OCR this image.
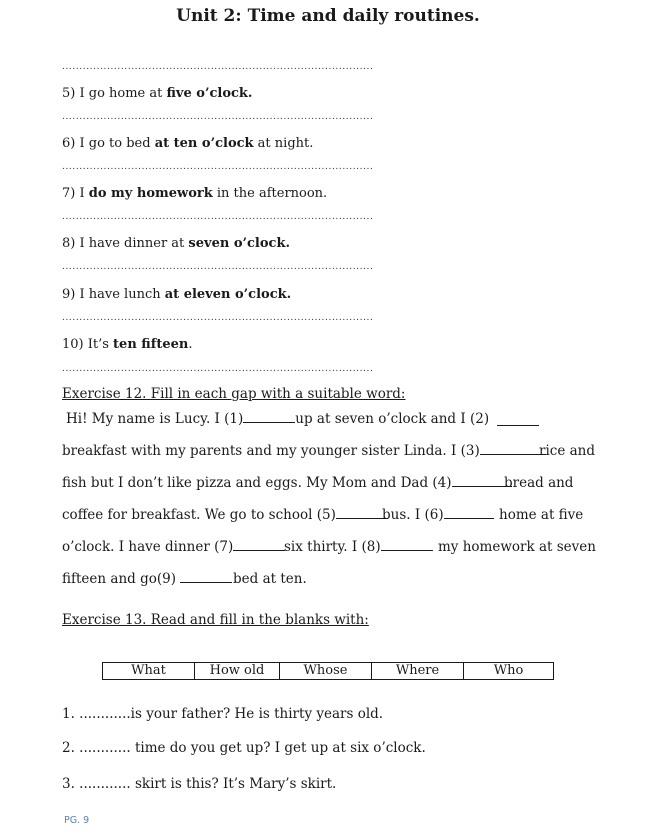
Unit 2: Time and daily routines.
..........................................................................................
..........................................................................................
..........................................................................................
..........................................................................................
..........................................................................................
..........................................................................................
..........................................................................................
5) I go home at five o’clock.
6) I go to bed at ten o’clock at night.
7) I do my homework in the afternoon.
8) I have dinner at seven o’clock.
9) I have lunch at eleven o’clock.
10) It’s ten fifteen.
Exercise 12. Fill in each gap with a suitable word:
Hi! My name is Lucy. I (1)	up at seven o’clock and I (2)
breakfast with my parents and my younger sister Linda. I (3)	rice and
fish but I don’t like pizza and eggs. My Mom and Dad (4)	bread and
coffee for breakfast. We go to school (5)	bus. I (6)	home at five
o’clock. I have dinner (7)	six thirty. I (8)	my homework at seven
fifteen and go(9)	bed at ten.
Exercise 13. Read and fill in the blanks with:
What	How old	Whose	Where	Who
1. ............is your father? He is thirty years old.
2. ............ time do you get up? I get up at six o’clock.
3. ............ skirt is this? It’s Mary’s skirt.
PG. 9
